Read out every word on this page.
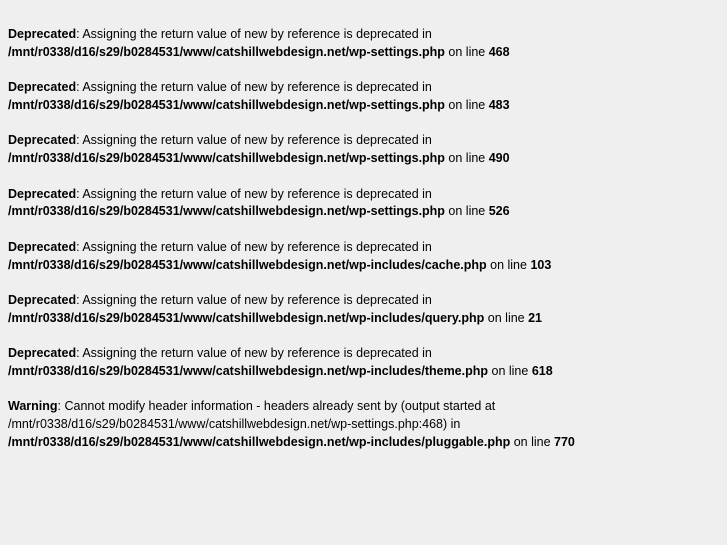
Deprecated: Assigning the return value of new by reference is deprecated in
/mnt/r0338/d16/s29/b0284531/www/catshillwebdesign.net/wp-settings.php on line 468
Deprecated: Assigning the return value of new by reference is deprecated in
/mnt/r0338/d16/s29/b0284531/www/catshillwebdesign.net/wp-settings.php on line 483
Deprecated: Assigning the return value of new by reference is deprecated in
/mnt/r0338/d16/s29/b0284531/www/catshillwebdesign.net/wp-settings.php on line 490
Deprecated: Assigning the return value of new by reference is deprecated in
/mnt/r0338/d16/s29/b0284531/www/catshillwebdesign.net/wp-settings.php on line 526
Deprecated: Assigning the return value of new by reference is deprecated in
/mnt/r0338/d16/s29/b0284531/www/catshillwebdesign.net/wp-includes/cache.php on line 103
Deprecated: Assigning the return value of new by reference is deprecated in
/mnt/r0338/d16/s29/b0284531/www/catshillwebdesign.net/wp-includes/query.php on line 21
Deprecated: Assigning the return value of new by reference is deprecated in
/mnt/r0338/d16/s29/b0284531/www/catshillwebdesign.net/wp-includes/theme.php on line 618
Warning: Cannot modify header information - headers already sent by (output started at
/mnt/r0338/d16/s29/b0284531/www/catshillwebdesign.net/wp-settings.php:468) in
/mnt/r0338/d16/s29/b0284531/www/catshillwebdesign.net/wp-includes/pluggable.php on line 770
